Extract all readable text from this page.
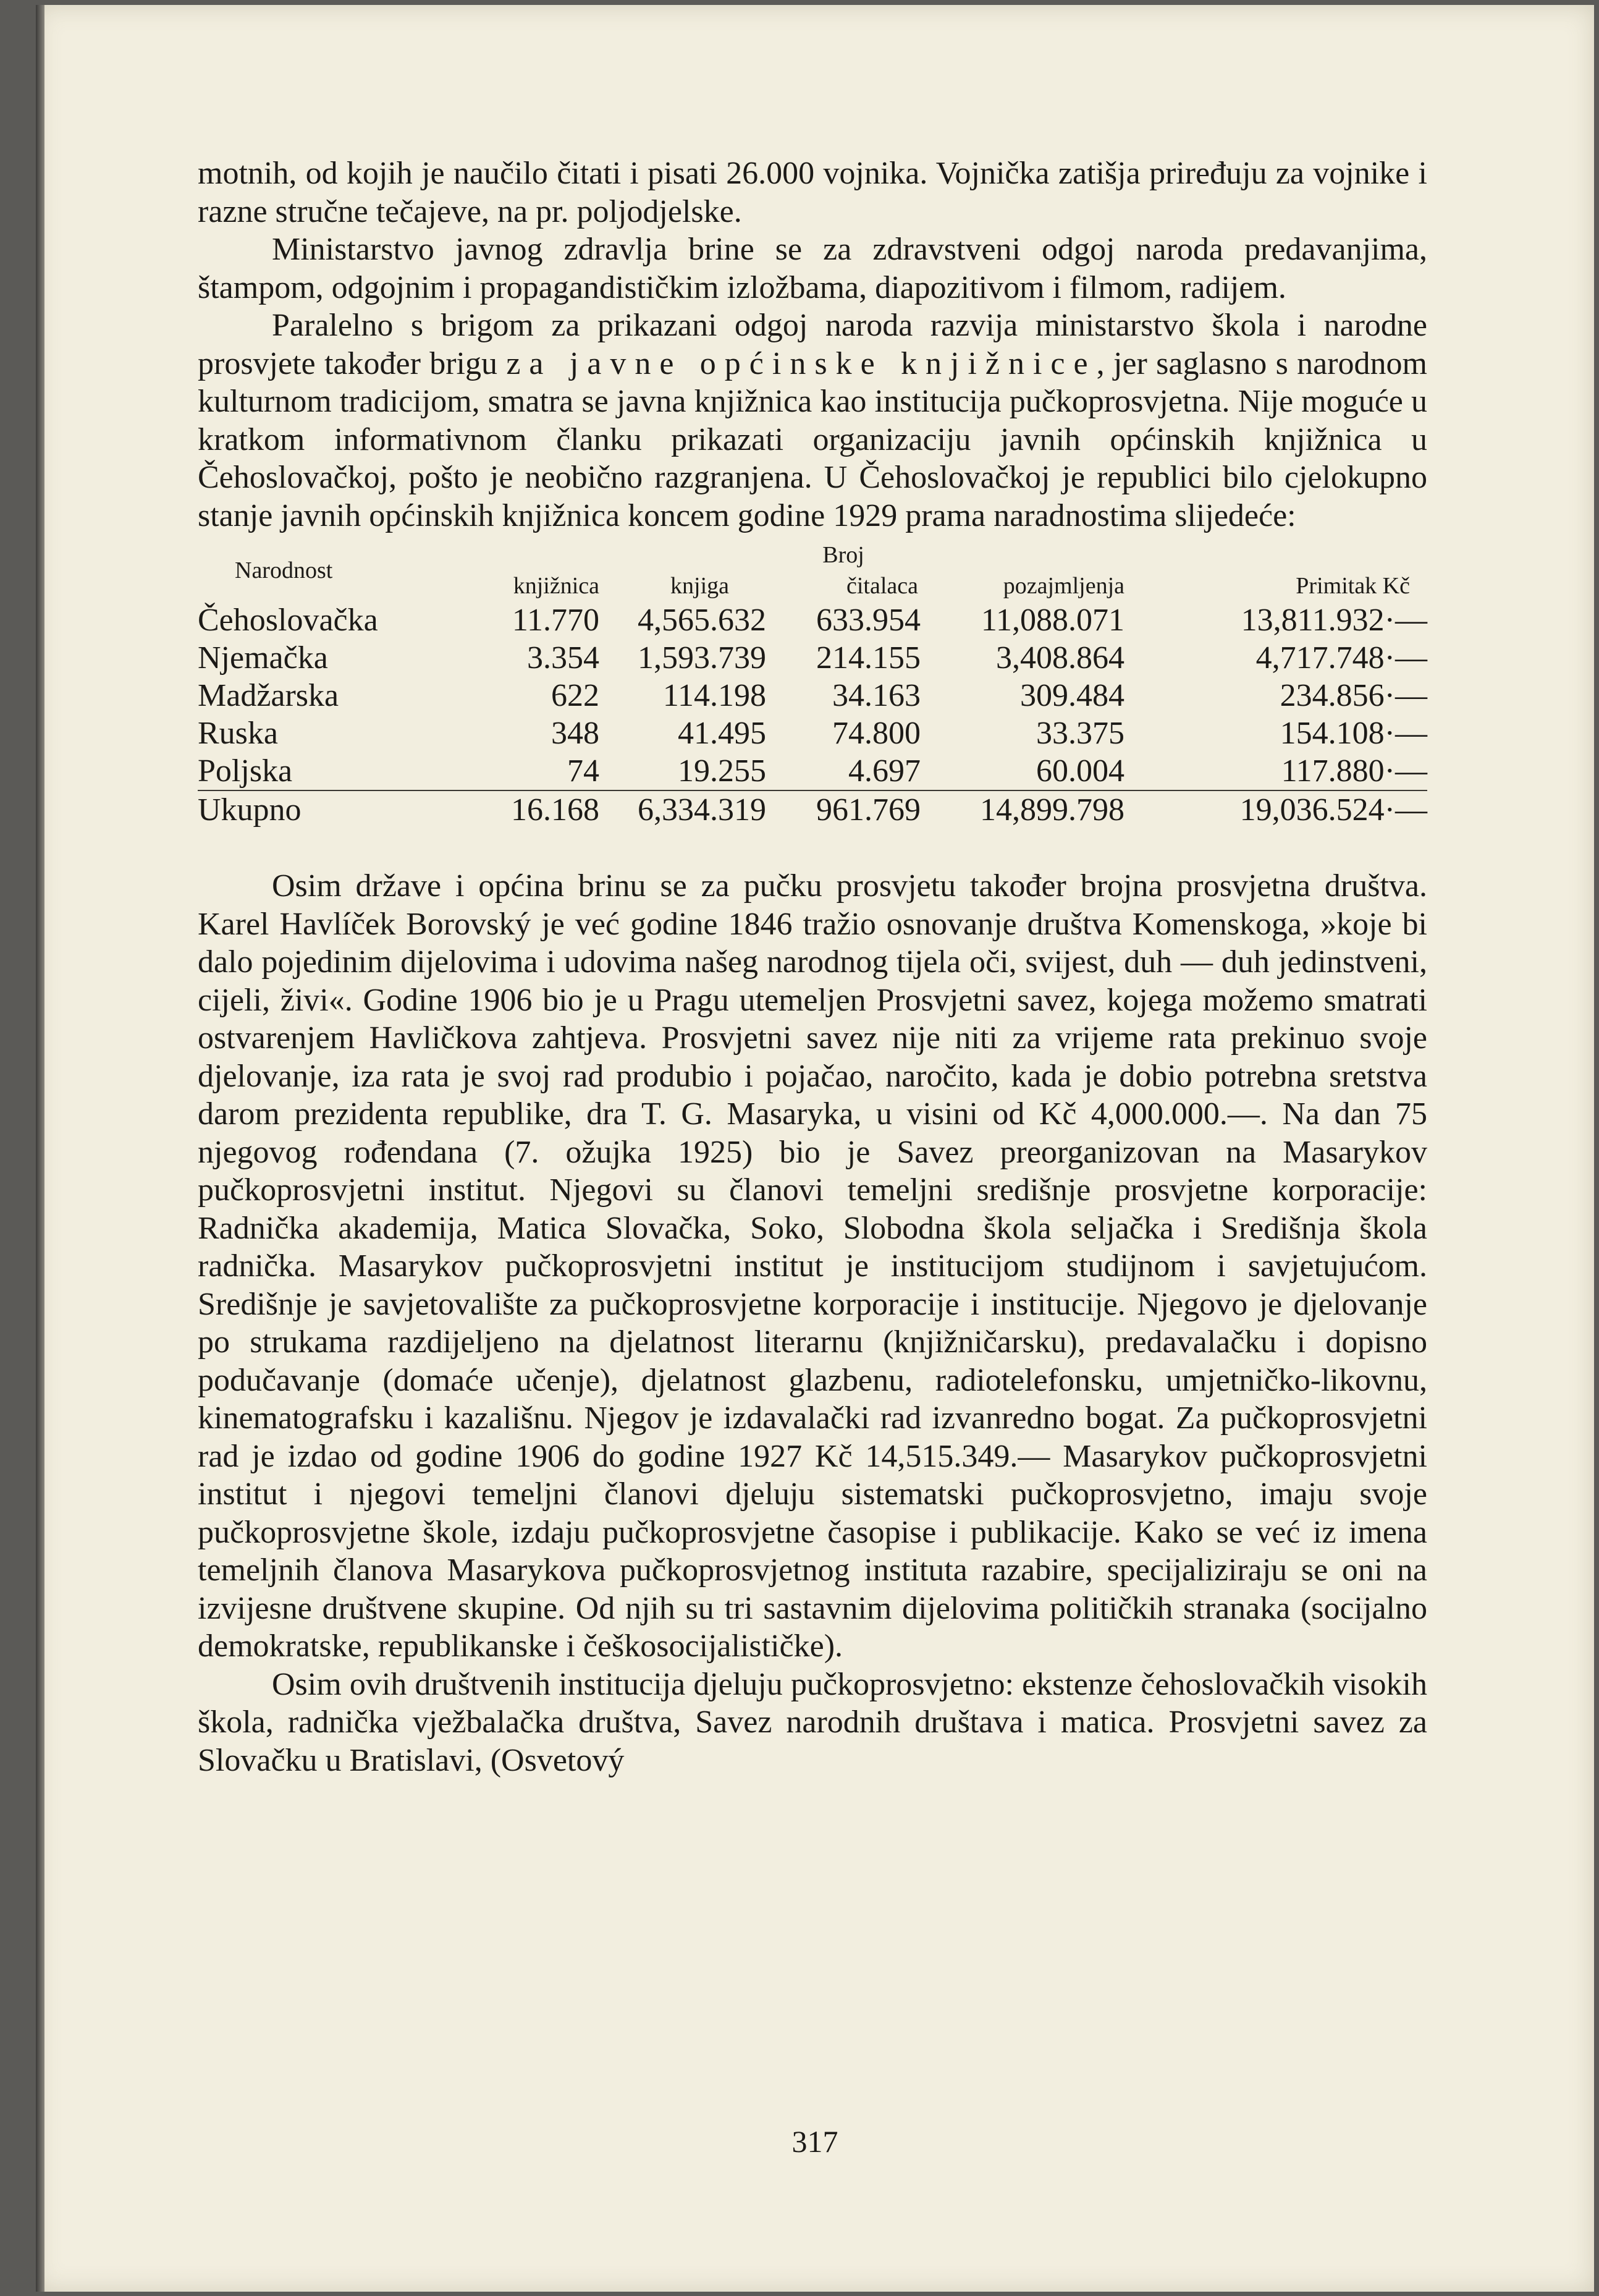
motnih, od kojih je naučilo čitati i pisati 26.000 vojnika. Vojnička zatišja priređuju za vojnike i razne stručne tečajeve, na pr. poljodjelske.

Ministarstvo javnog zdravlja brine se za zdravstveni odgoj naroda predavanjima, štampom, odgojnim i propagandističkim izložbama, diapozitivom i filmom, radijem.

Paralelno s brigom za prikazani odgoj naroda razvija ministarstvo škola i narodne prosvjete također brigu za javne općinske knjižnice, jer saglasno s narodnom kulturnom tradicijom, smatra se javna knjižnica kao institucija pučkoprosvjetna. Nije moguće u kratkom informativnom članku prikazati organizaciju javnih općinskih knjižnica u Čehoslovačkoj, pošto je neobično razgranjena. U Čehoslovačkoj je republici bilo cjelokupno stanje javnih općinskih knjižnica koncem godine 1929 prama naradnostima slijedeće:

Narodnost			Broj		
	knjižnica	knjiga	čitalaca	pozajmljenja	Primitak Kč
Čehoslovačka	11.770	4,565.632	633.954	11,088.071	13,811.932·—
Njemačka	3.354	1,593.739	214.155	3,408.864	4,717.748·—
Madžarska	622	114.198	34.163	309.484	234.856·—
Ruska	348	41.495	74.800	33.375	154.108·—
Poljska	74	19.255	4.697	60.004	117.880·—
Ukupno	16.168	6,334.319	961.769	14,899.798	19,036.524·—

Osim države i općina brinu se za pučku prosvjetu također brojna prosvjetna društva. Karel Havlíček Borovský je već godine 1846 tražio osnovanje društva Komenskoga, »koje bi dalo pojedinim dijelovima i udovima našeg narodnog tijela oči, svijest, duh — duh jedinstveni, cijeli, živi«. Godine 1906 bio je u Pragu utemeljen Prosvjetni savez, kojega možemo smatrati ostvarenjem Havličkova zahtjeva. Prosvjetni savez nije niti za vrijeme rata prekinuo svoje djelovanje, iza rata je svoj rad produbio i pojačao, naročito, kada je dobio potrebna sretstva darom prezidenta republike, dra T. G. Masaryka, u visini od Kč 4,000.000.—. Na dan 75 njegovog rođendana (7. ožujka 1925) bio je Savez preorganizovan na Masarykov pučkoprosvjetni institut. Njegovi su članovi temeljni središnje prosvjetne korporacije: Radnička akademija, Matica Slovačka, Soko, Slobodna škola seljačka i Središnja škola radnička. Masarykov pučkoprosvjetni institut je institucijom studijnom i savjetujućom. Središnje je savjetovalište za pučkoprosvjetne korporacije i institucije. Njegovo je djelovanje po strukama razdijeljeno na djelatnost literarnu (knjižničarsku), predavalačku i dopisno podučavanje (domaće učenje), djelatnost glazbenu, radiotelefonsku, umjetničko-likovnu, kinematografsku i kazališnu. Njegov je izdavalački rad izvanredno bogat. Za pučkoprosvjetni rad je izdao od godine 1906 do godine 1927 Kč 14,515.349.— Masarykov pučkoprosvjetni institut i njegovi temeljni članovi djeluju sistematski pučkoprosvjetno, imaju svoje pučkoprosvjetne škole, izdaju pučkoprosvjetne časopise i publikacije. Kako se već iz imena temeljnih članova Masarykova pučkoprosvjetnog instituta razabire, specijaliziraju se oni na izvijesne društvene skupine. Od njih su tri sastavnim dijelovima političkih stranaka (socijalno demokratske, republikanske i češkosocijalističke).

Osim ovih društvenih institucija djeluju pučkoprosvjetno: ekstenze čehoslovačkih visokih škola, radnička vježbalačka društva, Savez narodnih društava i matica. Prosvjetni savez za Slovačku u Bratislavi, (Osvetový

317
